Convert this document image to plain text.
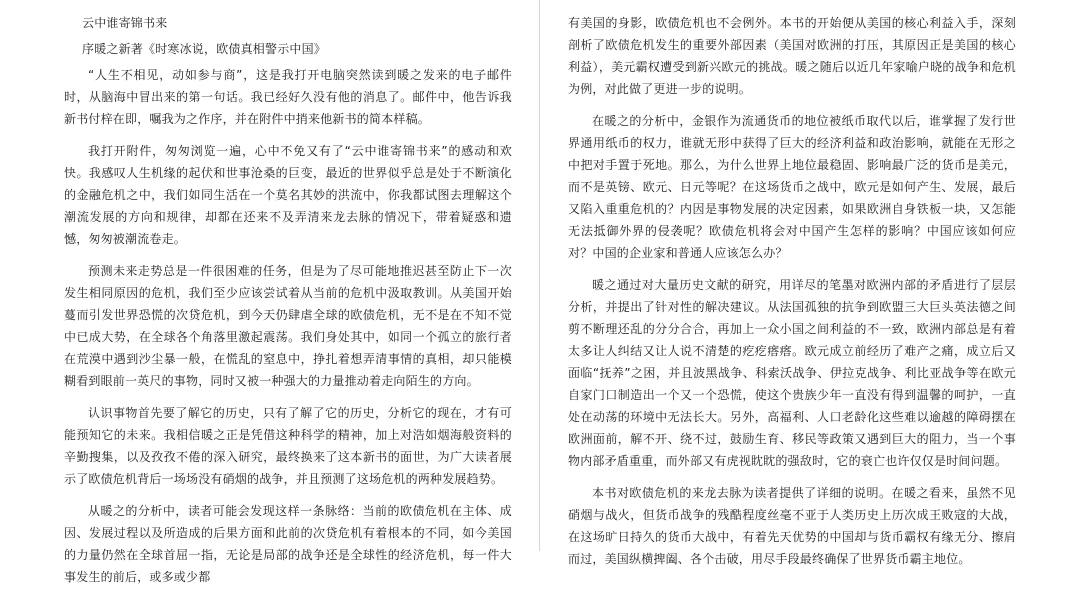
云中谁寄锦书来

序暖之新著《时寒冰说，欧债真相警示中国》

“人生不相见，动如参与商”，这是我打开电脑突然读到暖之发来的电子邮件时，从脑海中冒出来的第一句话。我已经好久没有他的消息了。邮件中，他告诉我新书付梓在即，嘱我为之作序，并在附件中捎来他新书的简本样稿。

我打开附件，匆匆浏览一遍，心中不免又有了“云中谁寄锦书来”的感动和欢快。我感叹人生机缘的起伏和世事沧桑的巨变，最近的世界似乎总是处于不断演化的金融危机之中，我们如同生活在一个莫名其妙的洪流中，你我都试图去理解这个潮流发展的方向和规律，却都在还来不及弄清来龙去脉的情况下，带着疑惑和遗憾，匆匆被潮流卷走。

预测未来走势总是一件很困难的任务，但是为了尽可能地推迟甚至防止下一次发生相同原因的危机，我们至少应该尝试着从当前的危机中汲取教训。从美国开始蔓而引发世界恐慌的次贷危机，到今天仍肆虐全球的欧债危机，无不是在不知不觉中已成大势，在全球各个角落里激起震荡。我们身处其中，如同一个孤立的旅行者在荒漠中遇到沙尘暴一般，在慌乱的窒息中，挣扎着想弄清事情的真相，却只能模糊看到眼前一英尺的事物，同时又被一种强大的力量推动着走向陌生的方向。

认识事物首先要了解它的历史，只有了解了它的历史，分析它的现在，才有可能预知它的未来。我相信暖之正是凭借这种科学的精神，加上对浩如烟海般资料的辛勤搜集，以及孜孜不倦的深入研究，最终换来了这本新书的面世，为广大读者展示了欧债危机背后一场场没有硝烟的战争，并且预测了这场危机的两种发展趋势。

从暖之的分析中，读者可能会发现这样一条脉络：当前的欧债危机在主体、成因、发展过程以及所造成的后果方面和此前的次贷危机有着根本的不同，如今美国的力量仍然在全球首屈一指，无论是局部的战争还是全球性的经济危机，每一件大事发生的前后，或多或少都

有美国的身影，欧债危机也不会例外。本书的开始便从美国的核心利益入手，深刻剖析了欧债危机发生的重要外部因素（美国对欧洲的打压，其原因正是美国的核心利益），美元霸权遭受到新兴欧元的挑战。暖之随后以近几年家喻户晓的战争和危机为例，对此做了更进一步的说明。

在暖之的分析中，金银作为流通货币的地位被纸币取代以后，谁掌握了发行世界通用纸币的权力，谁就无形中获得了巨大的经济利益和政治影响，就能在无形之中把对手置于死地。那么，为什么世界上地位最稳固、影响最广泛的货币是美元，而不是英镑、欧元、日元等呢？在这场货币之战中，欧元是如何产生、发展，最后又陷入重重危机的？内因是事物发展的决定因素，如果欧洲自身铁板一块，又怎能无法抵御外界的侵袭呢？欧债危机将会对中国产生怎样的影响？中国应该如何应对？中国的企业家和普通人应该怎么办？

暖之通过对大量历史文献的研究，用详尽的笔墨对欧洲内部的矛盾进行了层层分析，并提出了针对性的解决建议。从法国孤独的抗争到欧盟三大巨头英法德之间剪不断理还乱的分分合合，再加上一众小国之间利益的不一致，欧洲内部总是有着太多让人纠结又让人说不清楚的疙疙瘩瘩。欧元成立前经历了难产之痛，成立后又面临“抚养”之困，并且波黑战争、科索沃战争、伊拉克战争、利比亚战争等在欧元自家门口制造出一个又一个恐慌，使这个贵族少年一直没有得到温馨的呵护，一直处在动荡的环境中无法长大。另外，高福利、人口老龄化这些难以逾越的障碍摆在欧洲面前，解不开、绕不过，鼓励生育、移民等政策又遇到巨大的阻力，当一个事物内部矛盾重重，而外部又有虎视眈眈的强敌时，它的衰亡也许仅仅是时间问题。

本书对欧债危机的来龙去脉为读者提供了详细的说明。在暖之看来，虽然不见硝烟与战火，但货币战争的残酷程度丝毫不亚于人类历史上历次成王败寇的大战，在这场旷日持久的货币大战中，有着先天优势的中国却与货币霸权有缘无分、擦肩而过，美国纵横捭阖、各个击破，用尽手段最终确保了世界货币霸主地位。
